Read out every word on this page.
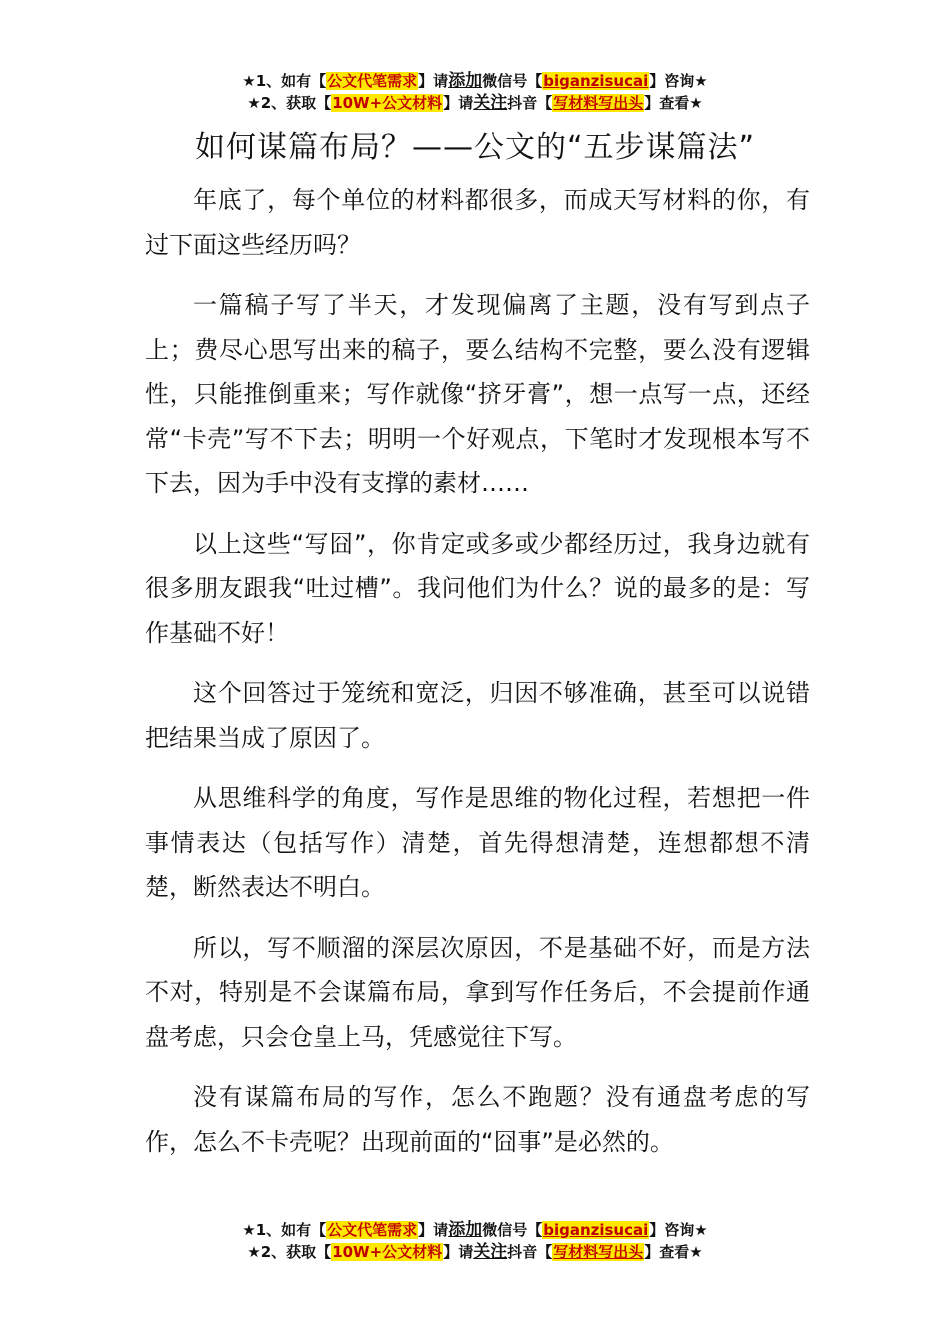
★1、如有【公文代笔需求】请添加微信号【biganzisucai】咨询★
★2、获取【10W+公文材料】请关注抖音【写材料写出头】查看★
如何谋篇布局？——公文的“五步谋篇法”

年底了，每个单位的材料都很多，而成天写材料的你，有过下面这些经历吗？

一篇稿子写了半天，才发现偏离了主题，没有写到点子上；费尽心思写出来的稿子，要么结构不完整，要么没有逻辑性，只能推倒重来；写作就像“挤牙膏”，想一点写一点，还经常“卡壳”写不下去；明明一个好观点，下笔时才发现根本写不下去，因为手中没有支撑的素材……

以上这些“写囧”，你肯定或多或少都经历过，我身边就有很多朋友跟我“吐过槽”。我问他们为什么？说的最多的是：写作基础不好！

这个回答过于笼统和宽泛，归因不够准确，甚至可以说错把结果当成了原因了。

从思维科学的角度，写作是思维的物化过程，若想把一件事情表达（包括写作）清楚，首先得想清楚，连想都想不清楚，断然表达不明白。

所以，写不顺溜的深层次原因，不是基础不好，而是方法不对，特别是不会谋篇布局，拿到写作任务后，不会提前作通盘考虑，只会仓皇上马，凭感觉往下写。

没有谋篇布局的写作，怎么不跑题？没有通盘考虑的写作，怎么不卡壳呢？出现前面的“囧事”是必然的。

★1、如有【公文代笔需求】请添加微信号【biganzisucai】咨询★
★2、获取【10W+公文材料】请关注抖音【写材料写出头】查看★
